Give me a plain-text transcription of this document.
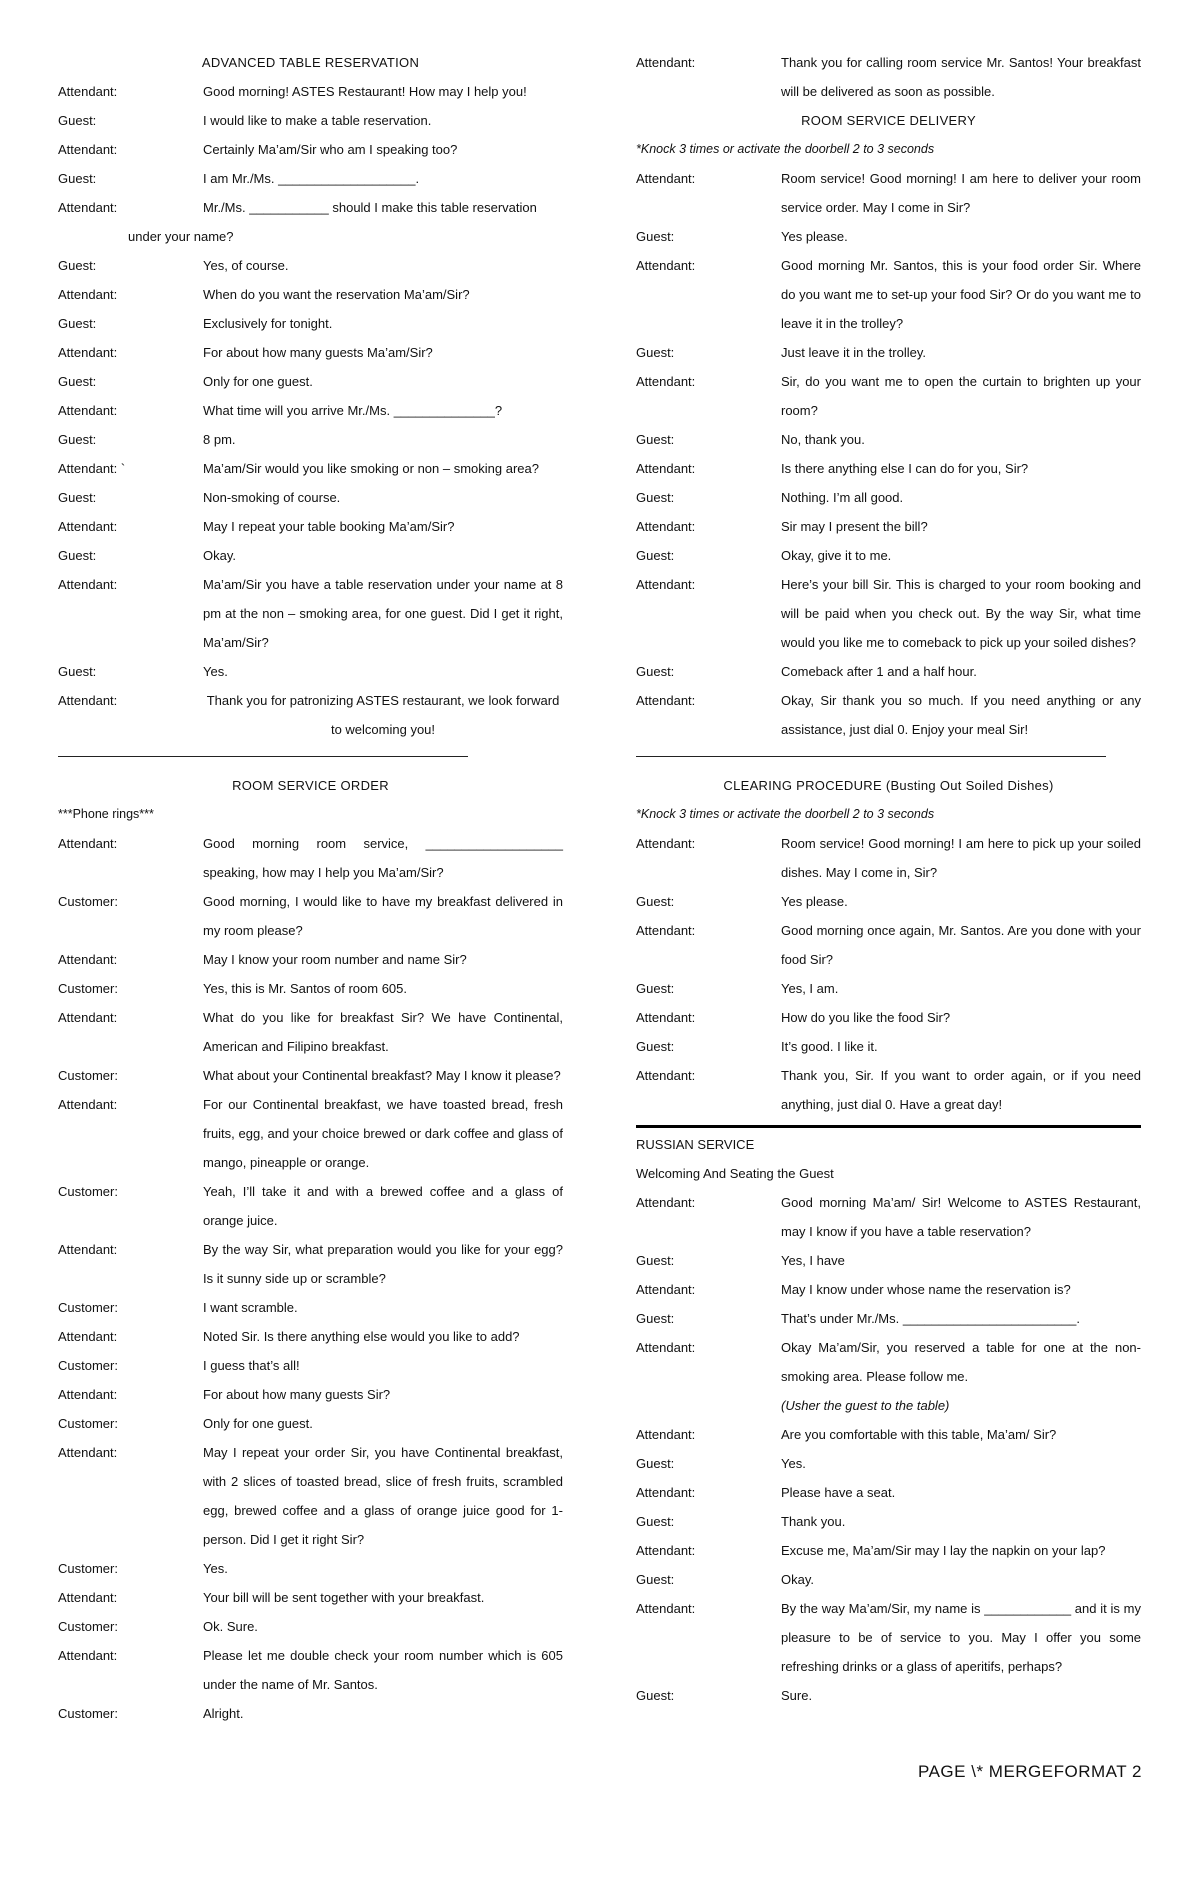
ADVANCED TABLE RESERVATION
Attendant:	Good morning! ASTES Restaurant! How may I help you!
Guest:	I would like to make a table reservation.
Attendant:	Certainly Ma’am/Sir who am I speaking too?
Guest:	I am Mr./Ms. ___________________.
Attendant:	Mr./Ms. ___________ should I make this table reservation
under your name?
Guest:	Yes, of course.
Attendant:	When do you want the reservation Ma’am/Sir?
Guest:	Exclusively for tonight.
Attendant:	For about how many guests Ma’am/Sir?
Guest:	Only for one guest.
Attendant:	What time will you arrive Mr./Ms. ______________?
Guest:	8 pm.
Attendant: `	Ma’am/Sir would you like smoking or non – smoking area?
Guest:	Non-smoking of course.
Attendant:	May I repeat your table booking Ma’am/Sir?
Guest:	Okay.
Attendant:	Ma’am/Sir you have a table reservation under your name at 8 pm at the non – smoking area, for one guest. Did I get it right, Ma’am/Sir?
Guest:	Yes.
Attendant:	Thank you for patronizing ASTES restaurant, we look forward to welcoming you!
ROOM SERVICE ORDER
***Phone rings***
Attendant:	Good morning room service, ___________________ speaking, how may I help you Ma’am/Sir?
Customer:	Good morning, I would like to have my breakfast delivered in my room please?
Attendant:	May I know your room number and name Sir?
Customer:	Yes, this is Mr. Santos of room 605.
Attendant:	What do you like for breakfast Sir? We have Continental, American and Filipino breakfast.
Customer:	What about your Continental breakfast? May I know it please?
Attendant:	For our Continental breakfast, we have toasted bread, fresh fruits, egg, and your choice brewed or dark coffee and glass of mango, pineapple or orange.
Customer:	Yeah, I’ll take it and with a brewed coffee and a glass of orange juice.
Attendant:	By the way Sir, what preparation would you like for your egg? Is it sunny side up or scramble?
Customer:	I want scramble.
Attendant:	Noted Sir. Is there anything else would you like to add?
Customer:	I guess that’s all!
Attendant:	For about how many guests Sir?
Customer:	Only for one guest.
Attendant:	May I repeat your order Sir, you have Continental breakfast, with 2 slices of toasted bread, slice of fresh fruits, scrambled egg, brewed coffee and a glass of orange juice good for 1-person. Did I get it right Sir?
Customer:	Yes.
Attendant:	Your bill will be sent together with your breakfast.
Customer:	Ok. Sure.
Attendant:	Please let me double check your room number which is 605 under the name of Mr. Santos.
Customer:	Alright.
Attendant:	Thank you for calling room service Mr. Santos! Your breakfast will be delivered as soon as possible.
ROOM SERVICE DELIVERY
*Knock 3 times or activate the doorbell 2 to 3 seconds
Attendant:	Room service! Good morning! I am here to deliver your room service order. May I come in Sir?
Guest:	Yes please.
Attendant:	Good morning Mr. Santos, this is your food order Sir. Where do you want me to set-up your food Sir? Or do you want me to leave it in the trolley?
Guest:	Just leave it in the trolley.
Attendant:	Sir, do you want me to open the curtain to brighten up your room?
Guest:	No, thank you.
Attendant:	Is there anything else I can do for you, Sir?
Guest:	Nothing. I’m all good.
Attendant:	Sir may I present the bill?
Guest:	Okay, give it to me.
Attendant:	Here’s your bill Sir. This is charged to your room booking and will be paid when you check out. By the way Sir, what time would you like me to comeback to pick up your soiled dishes?
Guest:	Comeback after 1 and a half hour.
Attendant:	Okay, Sir thank you so much. If you need anything or any assistance, just dial 0. Enjoy your meal Sir!
CLEARING PROCEDURE (Busting Out Soiled Dishes)
*Knock 3 times or activate the doorbell 2 to 3 seconds
Attendant:	Room service! Good morning! I am here to pick up your soiled dishes. May I come in, Sir?
Guest:	Yes please.
Attendant:	Good morning once again, Mr. Santos. Are you done with your food Sir?
Guest:	Yes, I am.
Attendant:	How do you like the food Sir?
Guest:	It’s good. I like it.
Attendant:	Thank you, Sir. If you want to order again, or if you need anything, just dial 0. Have a great day!
RUSSIAN SERVICE
Welcoming And Seating the Guest
Attendant:	Good morning Ma’am/ Sir! Welcome to ASTES Restaurant, may I know if you have a table reservation?
Guest:	Yes, I have
Attendant:	May I know under whose name the reservation is?
Guest:	That’s under Mr./Ms. ________________________.
Attendant:	Okay Ma’am/Sir, you reserved a table for one at the non-smoking area. Please follow me.
(Usher the guest to the table)
Attendant:	Are you comfortable with this table, Ma’am/ Sir?
Guest:	Yes.
Attendant:	Please have a seat.
Guest:	Thank you.
Attendant:	Excuse me, Ma’am/Sir may I lay the napkin on your lap?
Guest:	Okay.
Attendant:	By the way Ma’am/Sir, my name is ____________ and it is my pleasure to be of service to you. May I offer you some refreshing drinks or a glass of aperitifs, perhaps?
Guest:	Sure.
PAGE \* MERGEFORMAT 2
